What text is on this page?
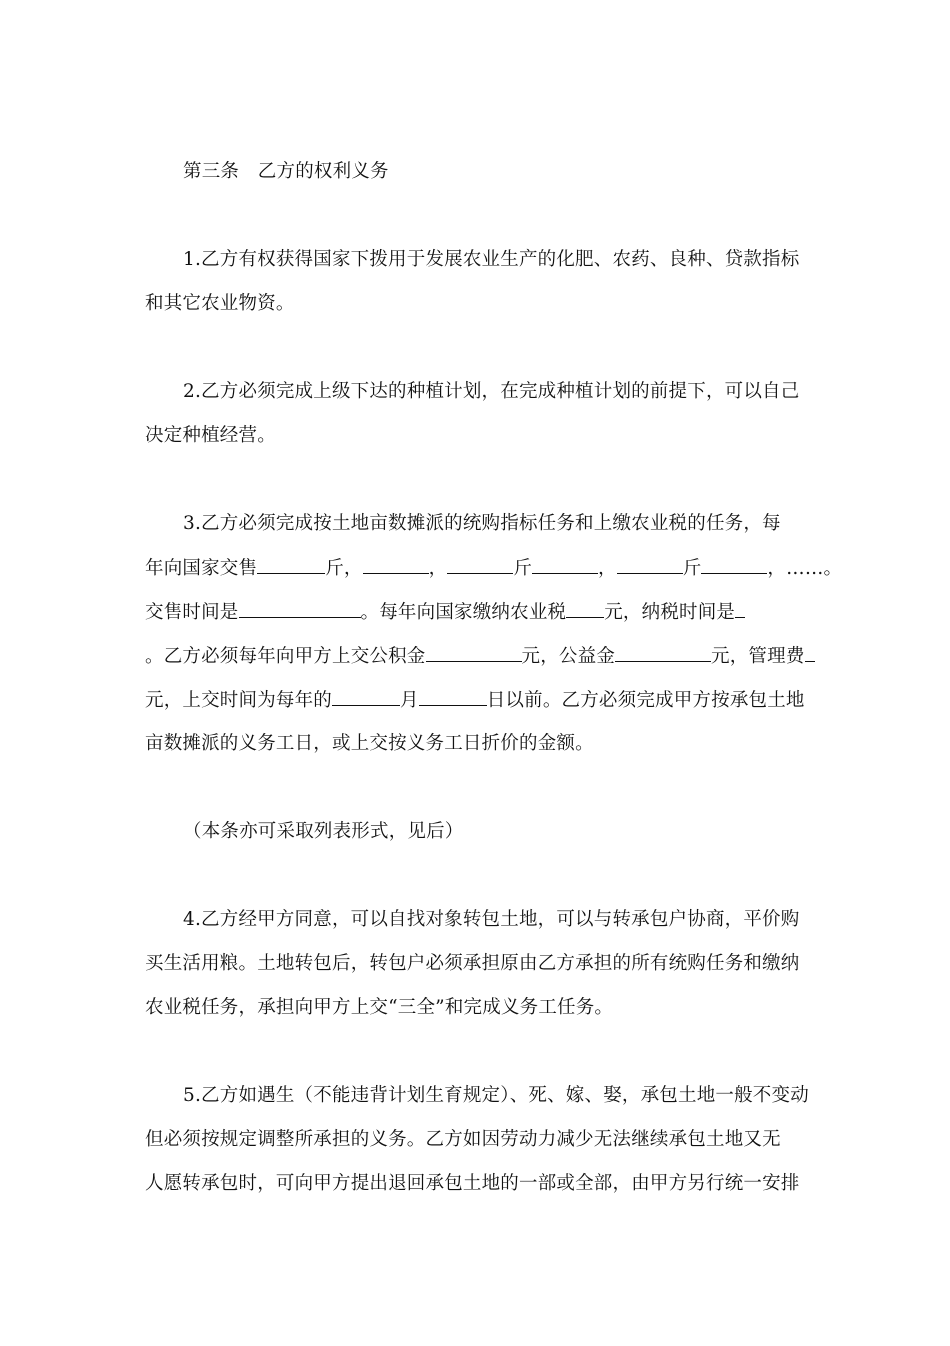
第三条　乙方的权利义务
1.乙方有权获得国家下拨用于发展农业生产的化肥、农药、良种、贷款指标
和其它农业物资。
2.乙方必须完成上级下达的种植计划，在完成种植计划的前提下，可以自己
决定种植经营。
3.乙方必须完成按土地亩数摊派的统购指标任务和上缴农业税的任务，每
年向国家交售	斤，	，	斤	，	斤	，……。
交售时间是	。每年向国家缴纳农业税 元，纳税时间是
。乙方必须每年向甲方上交公积金	元，公益金	元，管理费
元，上交时间为每年的	月	日以前。乙方必须完成甲方按承包土地
亩数摊派的义务工日，或上交按义务工日折价的金额。
（本条亦可采取列表形式，见后）
4.乙方经甲方同意，可以自找对象转包土地，可以与转承包户协商，平价购
买生活用粮。土地转包后，转包户必须承担原由乙方承担的所有统购任务和缴纳
农业税任务，承担向甲方上交“三全”和完成义务工任务。
5.乙方如遇生（不能违背计划生育规定）、死、嫁、娶，承包土地一般不变动
但必须按规定调整所承担的义务。乙方如因劳动力减少无法继续承包土地又无
人愿转承包时，可向甲方提出退回承包土地的一部或全部，由甲方另行统一安排
